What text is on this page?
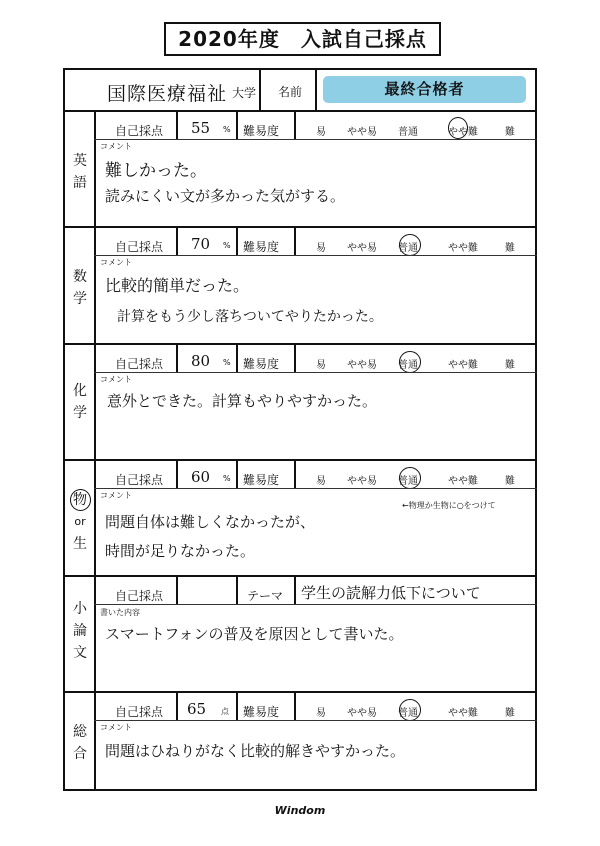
2020年度　入試自己採点
国際医療福祉 大学 名前	最終合格者
英
語
自己採点 55 % 難易度	易 やや易 普通	やや難	難
コメント
難しかった。
読みにくい文が多かった気がする。
数
学
自己採点 70 % 難易度	易 やや易 普通	やや難	難
コメント
比較的簡単だった。
計算をもう少し落ちついてやりたかった。
化
学
自己採点 80 % 難易度	易 やや易 普通	やや難	難
コメント
意外とできた。計算もやりやすかった。
物
or
生
自己採点 60 % 難易度	易 やや易 普通	やや難	難
コメント
←物理か生物に○をつけて
問題自体は難しくなかったが、
時間が足りなかった。
小
論
文
自己採点	テーマ 学生の読解力低下について
書いた内容
スマートフォンの普及を原因として書いた。
総
合
自己採点 65 点 難易度	易 やや易 普通	やや難	難
コメント
問題はひねりがなく比較的解きやすかった。
Windom
